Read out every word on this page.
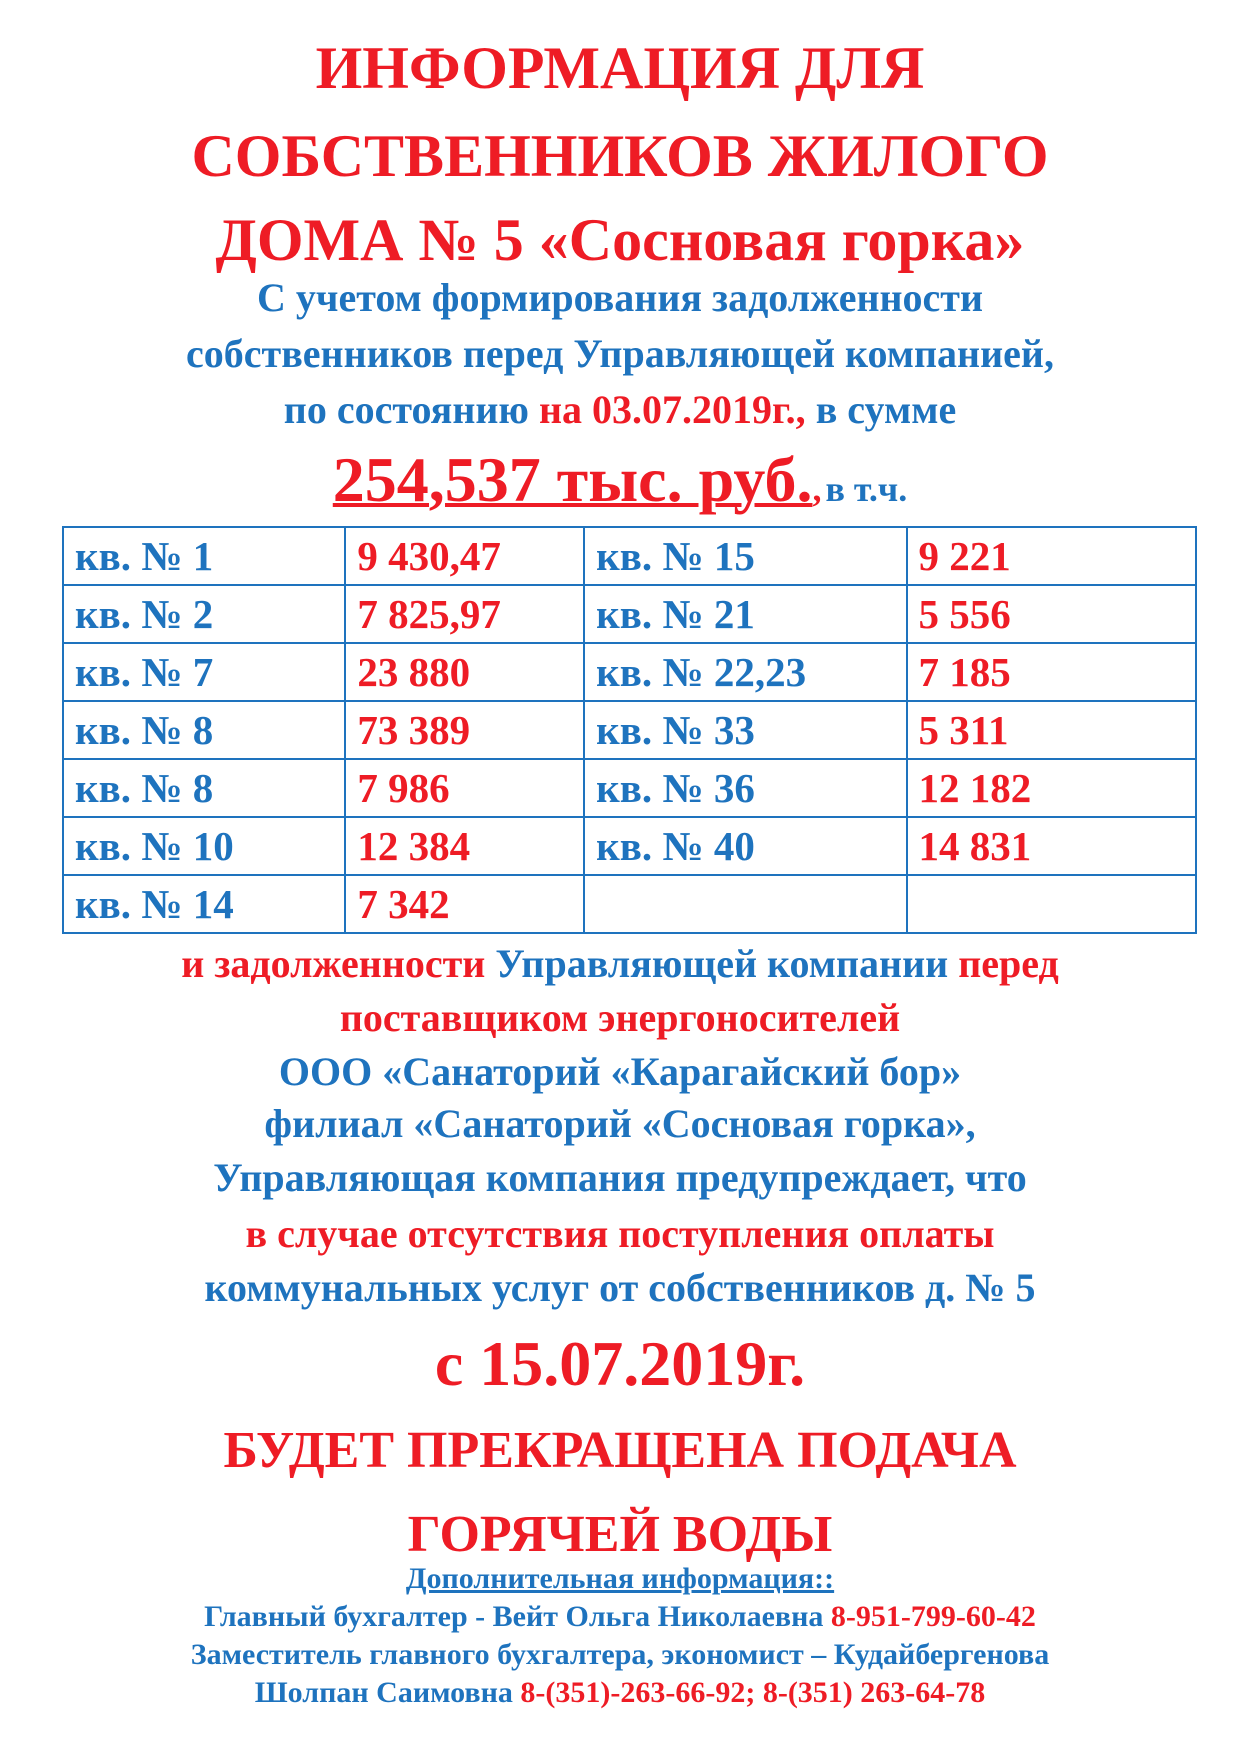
ИНФОРМАЦИЯ ДЛЯ
СОБСТВЕННИКОВ ЖИЛОГО
ДОМА № 5 «Сосновая горка»
С учетом формирования задолженности
собственников перед Управляющей компанией,
по состоянию на 03.07.2019г., в сумме
254,537 тыс. руб., в т.ч.
кв. № 1	9 430,47	кв. № 15	9 221
кв. № 2	7 825,97	кв. № 21	5 556
кв. № 7	23 880	кв. № 22,23	7 185
кв. № 8	73 389	кв. № 33	5 311
кв. № 8	7 986	кв. № 36	12 182
кв. № 10	12 384	кв. № 40	14 831
кв. № 14	7 342		
и задолженности Управляющей компании перед
поставщиком энергоносителей
ООО «Санаторий «Карагайский бор»
филиал «Санаторий «Сосновая горка»,
Управляющая компания предупреждает, что
в случае отсутствия поступления оплаты
коммунальных услуг от собственников д. № 5
с 15.07.2019г.
БУДЕТ ПРЕКРАЩЕНА ПОДАЧА
ГОРЯЧЕЙ ВОДЫ
Дополнительная информация::
Главный бухгалтер - Вейт Ольга Николаевна 8-951-799-60-42
Заместитель главного бухгалтера, экономист – Кудайбергенова
Шолпан Саимовна 8-(351)-263-66-92; 8-(351) 263-64-78
